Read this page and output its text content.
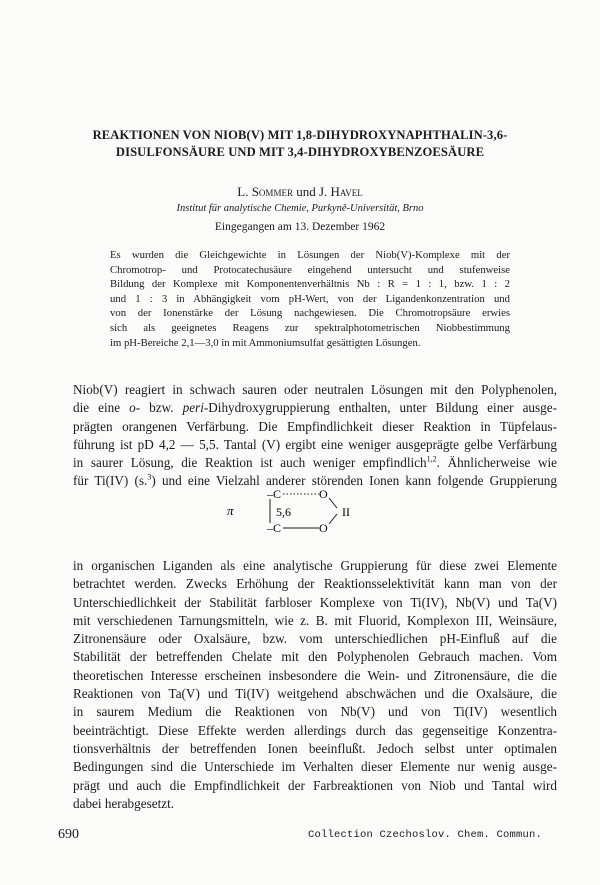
REAKTIONEN VON NIOB(V) MIT 1,8-DIHYDROXYNAPHTHALIN-3,6-
DISULFONSÄURE UND MIT 3,4-DIHYDROXYBENZOESÄURE
L. Sommer und J. Havel
Institut für analytische Chemie, Purkyně-Universität, Brno
Eingegangen am 13. Dezember 1962
Es wurden die Gleichgewichte in Lösungen der Niob(V)-Komplexe mit der
Chromotrop- und Protocatechusäure eingehend untersucht und stufenweise
Bildung der Komplexe mit Komponentenverhältnis Nb : R = 1 : 1, bzw. 1 : 2
und 1 : 3 in Abhängigkeit vom pH-Wert, von der Ligandenkonzentration und
von der Ionenstärke der Lösung nachgewiesen. Die Chromotropsäure erwies
sich als geeignetes Reagens zur spektralphotometrischen Niobbestimmung
im pH-Bereiche 2,1—3,0 in mit Ammoniumsulfat gesättigten Lösungen.
Niob(V) reagiert in schwach sauren oder neutralen Lösungen mit den Polyphenolen,
die eine o- bzw. peri-Dihydroxygruppierung enthalten, unter Bildung einer ausge-
prägten orangenen Verfärbung. Die Empfindlichkeit dieser Reaktion in Tüpfelaus-
führung ist pD 4,2 — 5,5. Tantal (V) ergibt eine weniger ausgeprägte gelbe Verfärbung
in saurer Lösung, die Reaktion ist auch weniger empfindlich$^{1,2}$. Ähnlicherweise wie
für Ti(IV) (s.$^3$) und eine Vielzahl anderer störenden Ionen kann folgende Gruppierung
π
–C
–C
5,6
O
O
II
in organischen Liganden als eine analytische Gruppierung für diese zwei Elemente
betrachtet werden. Zwecks Erhöhung der Reaktionsselektivität kann man von der
Unterschiedlichkeit der Stabilität farbloser Komplexe von Ti(IV), Nb(V) und Ta(V)
mit verschiedenen Tarnungsmitteln, wie z. B. mit Fluorid, Komplexon III, Weinsäure,
Zitronensäure oder Oxalsäure, bzw. vom unterschiedlichen pH-Einfluß auf die
Stabilität der betreffenden Chelate mit den Polyphenolen Gebrauch machen. Vom
theoretischen Interesse erscheinen insbesondere die Wein- und Zitronensäure, die die
Reaktionen von Ta(V) und Ti(IV) weitgehend abschwächen und die Oxalsäure, die
in saurem Medium die Reaktionen von Nb(V) und von Ti(IV) wesentlich
beeinträchtigt. Diese Effekte werden allerdings durch das gegenseitige Konzentra-
tionsverhältnis der betreffenden Ionen beeinflußt. Jedoch selbst unter optimalen
Bedingungen sind die Unterschiede im Verhalten dieser Elemente nur wenig ausge-
prägt und auch die Empfindlichkeit der Farbreaktionen von Niob und Tantal wird
dabei herabgesetzt.
690	Collection Czechoslov. Chem. Commun.
